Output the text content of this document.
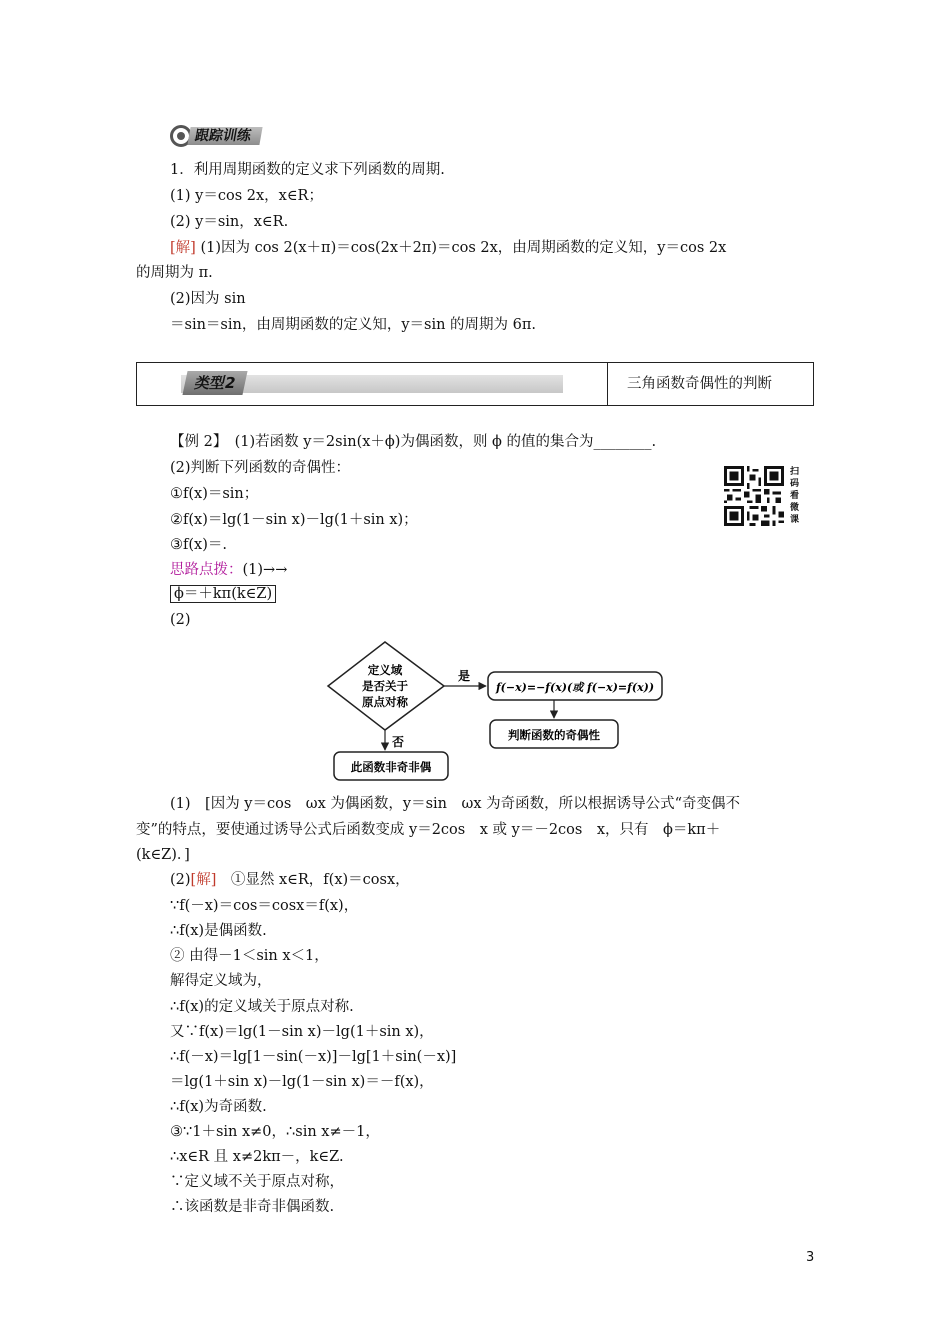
跟踪训练
1．利用周期函数的定义求下列函数的周期.
(1) y＝cos 2x，x∈R；
(2) y＝sin，x∈R.
[解] (1)因为 cos 2(x＋π)＝cos(2x＋2π)＝cos 2x，由周期函数的定义知，y＝cos 2x
的周期为 π.
(2)因为 sin
＝sin＝sin，由周期函数的定义知，y＝sin 的周期为 6π.
类型2	三角函数奇偶性的判断
【例 2】　 (1)若函数 y＝2sin(x＋ϕ)为偶函数，则 ϕ 的值的集合为________.
(2)判断下列函数的奇偶性：
①f(x)＝sin；
②f(x)＝lg(1－sin x)－lg(1＋sin x)；
③f(x)＝.
思路点拨：(1)→→
ϕ＝＋kπ(k∈Z)
(2)
扫码看微课
定义域
是否关于
原点对称
是
f(−x)=−f(x)(或 f(−x)=f(x))
判断函数的奇偶性
否
此函数非奇非偶
(1)　[因为 y＝cos　ωx 为偶函数，y＝sin　ωx 为奇函数，所以根据诱导公式“奇变偶不
变”的特点，要使通过诱导公式后函数变成 y＝2cos　x 或 y＝－2cos　x，只有　ϕ＝kπ＋
(k∈Z)．]
(2)[解]　 ①显然 x∈R，f(x)＝cosx，
∵f(－x)＝cos＝cosx＝f(x)，
∴f(x)是偶函数.
② 由得－1＜sin x＜1，
解得定义域为，
∴f(x)的定义域关于原点对称.
又∵f(x)＝lg(1－sin x)－lg(1＋sin x)，
∴f(－x)＝lg[1－sin(－x)]－lg[1＋sin(－x)]
＝lg(1＋sin x)－lg(1－sin x)＝－f(x)，
∴f(x)为奇函数.
③∵1＋sin x≠0，∴sin x≠－1，
∴x∈R 且 x≠2kπ－，k∈Z.
∵定义域不关于原点对称，
∴该函数是非奇非偶函数.
3
